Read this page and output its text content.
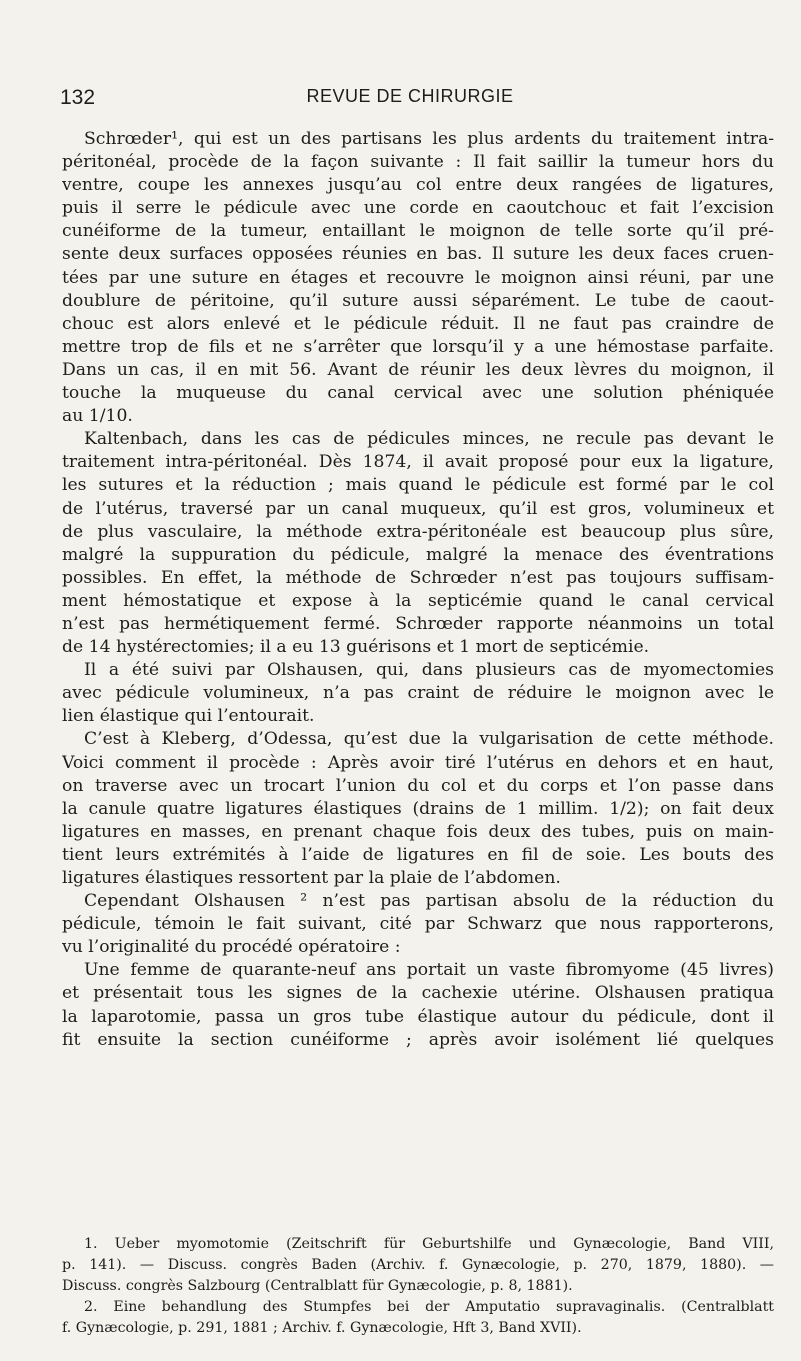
132	REVUE DE CHIRURGIE
Schrœder¹, qui est un des partisans les plus ardents du traitement intra-
péritonéal, procède de la façon suivante : Il fait saillir la tumeur hors du
ventre, coupe les annexes jusqu’au col entre deux rangées de ligatures,
puis il serre le pédicule avec une corde en caoutchouc et fait l’excision
cunéiforme de la tumeur, entaillant le moignon de telle sorte qu’il pré-
sente deux surfaces opposées réunies en bas. Il suture les deux faces cruen-
tées par une suture en étages et recouvre le moignon ainsi réuni, par une
doublure de péritoine, qu’il suture aussi séparément. Le tube de caout-
chouc est alors enlevé et le pédicule réduit. Il ne faut pas craindre de
mettre trop de fils et ne s’arrêter que lorsqu’il y a une hémostase parfaite.
Dans un cas, il en mit 56. Avant de réunir les deux lèvres du moignon, il
touche la muqueuse du canal cervical avec une solution phéniquée
au 1/10.
Kaltenbach, dans les cas de pédicules minces, ne recule pas devant le
traitement intra-péritonéal. Dès 1874, il avait proposé pour eux la ligature,
les sutures et la réduction ; mais quand le pédicule est formé par le col
de l’utérus, traversé par un canal muqueux, qu’il est gros, volumineux et
de plus vasculaire, la méthode extra-péritonéale est beaucoup plus sûre,
malgré la suppuration du pédicule, malgré la menace des éventrations
possibles. En effet, la méthode de Schrœder n’est pas toujours suffisam-
ment hémostatique et expose à la septicémie quand le canal cervical
n’est pas hermétiquement fermé. Schrœder rapporte néanmoins un total
de 14 hystérectomies; il a eu 13 guérisons et 1 mort de septicémie.
Il a été suivi par Olshausen, qui, dans plusieurs cas de myomectomies
avec pédicule volumineux, n’a pas craint de réduire le moignon avec le
lien élastique qui l’entourait.
C’est à Kleberg, d’Odessa, qu’est due la vulgarisation de cette méthode.
Voici comment il procède : Après avoir tiré l’utérus en dehors et en haut,
on traverse avec un trocart l’union du col et du corps et l’on passe dans
la canule quatre ligatures élastiques (drains de 1 millim. 1/2); on fait deux
ligatures en masses, en prenant chaque fois deux des tubes, puis on main-
tient leurs extrémités à l’aide de ligatures en fil de soie. Les bouts des
ligatures élastiques ressortent par la plaie de l’abdomen.
Cependant Olshausen ² n’est pas partisan absolu de la réduction du
pédicule, témoin le fait suivant, cité par Schwarz que nous rapporterons,
vu l’originalité du procédé opératoire :
Une femme de quarante-neuf ans portait un vaste fibromyome (45 livres)
et présentait tous les signes de la cachexie utérine. Olshausen pratiqua
la laparotomie, passa un gros tube élastique autour du pédicule, dont il
fit ensuite la section cunéiforme ; après avoir isolément lié quelques
1. Ueber myomotomie (Zeitschrift für Geburtshilfe und Gynæcologie, Band VIII,
p. 141). — Discuss. congrès Baden (Archiv. f. Gynæcologie, p. 270, 1879, 1880). —
Discuss. congrès Salzbourg (Centralblatt für Gynæcologie, p. 8, 1881).
2. Eine behandlung des Stumpfes bei der Amputatio supravaginalis. (Centralblatt
f. Gynæcologie, p. 291, 1881 ; Archiv. f. Gynæcologie, Hft 3, Band XVII).
